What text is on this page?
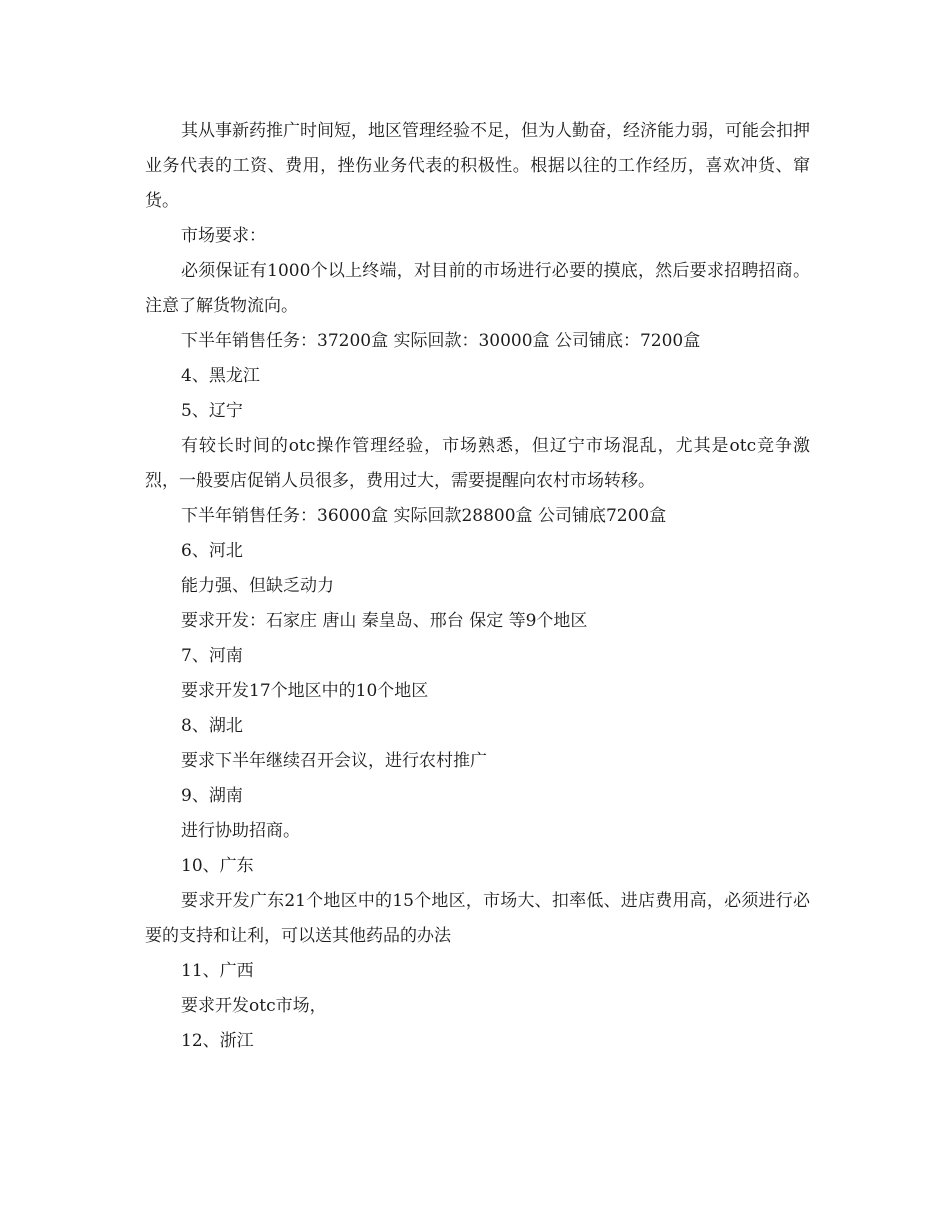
其从事新药推广时间短，地区管理经验不足，但为人勤奋，经济能力弱，可能会扣押业务代表的工资、费用，挫伤业务代表的积极性。根据以往的工作经历，喜欢冲货、窜货。

市场要求：

必须保证有1000个以上终端，对目前的市场进行必要的摸底，然后要求招聘招商。注意了解货物流向。

下半年销售任务：37200盒 实际回款：30000盒 公司铺底：7200盒

4、黑龙江

5、辽宁

有较长时间的otc操作管理经验，市场熟悉，但辽宁市场混乱，尤其是otc竞争激烈，一般要店促销人员很多，费用过大，需要提醒向农村市场转移。

下半年销售任务：36000盒 实际回款28800盒 公司铺底7200盒

6、河北

能力强、但缺乏动力

要求开发：石家庄 唐山 秦皇岛、邢台 保定 等9个地区

7、河南

要求开发17个地区中的10个地区

8、湖北

要求下半年继续召开会议，进行农村推广

9、湖南

进行协助招商。

10、广东

要求开发广东21个地区中的15个地区，市场大、扣率低、进店费用高，必须进行必要的支持和让利，可以送其他药品的办法

11、广西

要求开发otc市场，

12、浙江
